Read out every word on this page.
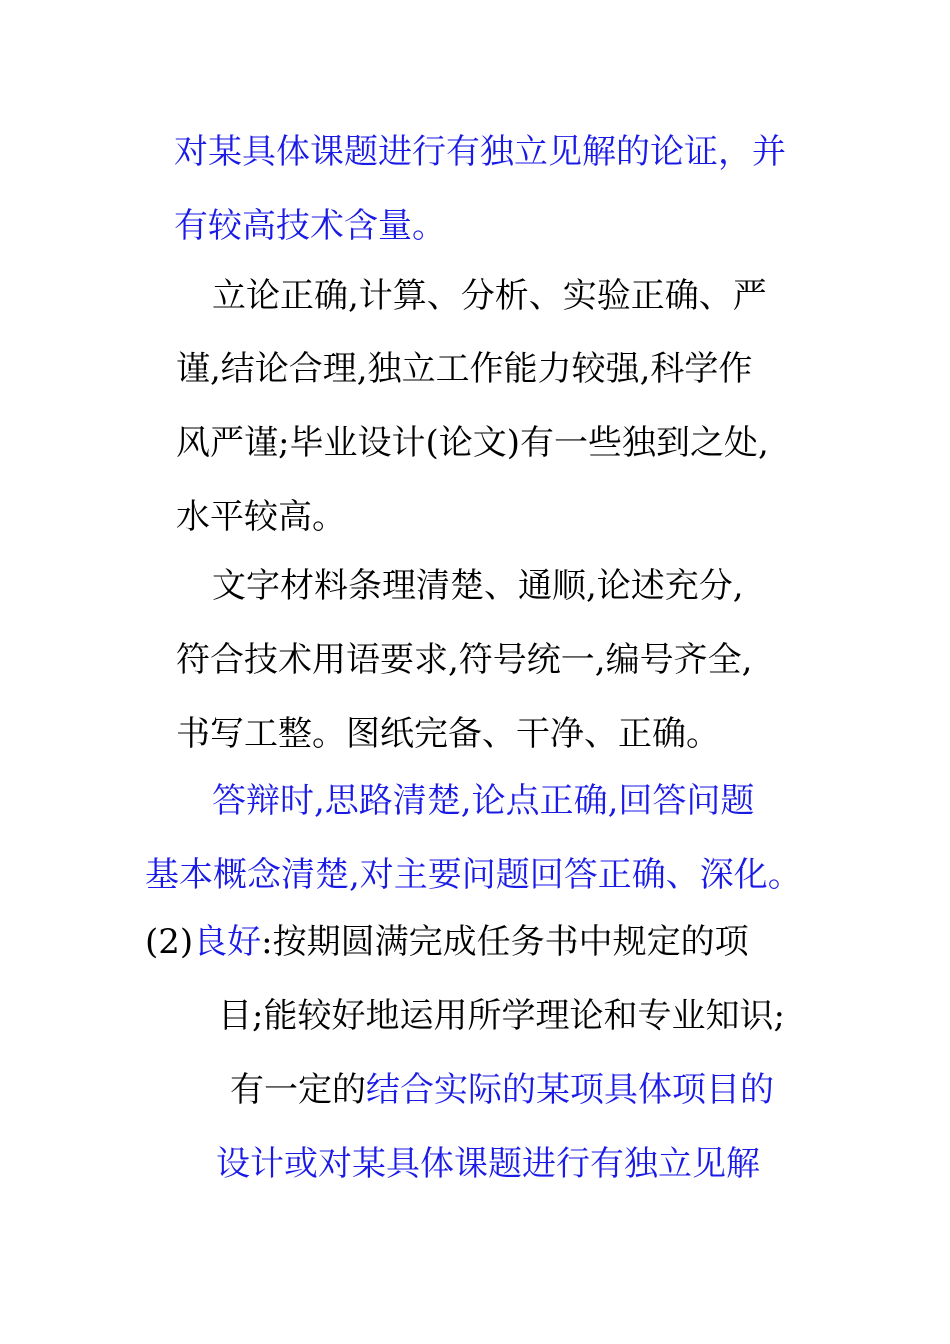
对某具体课题进行有独立见解的论证，并
有较高技术含量。
立论正确,计算、分析、实验正确、严
谨,结论合理,独立工作能力较强,科学作
风严谨;毕业设计(论文)有一些独到之处,
水平较高。
文字材料条理清楚、通顺,论述充分,
符合技术用语要求,符号统一,编号齐全,
书写工整。图纸完备、干净、正确。
答辩时,思路清楚,论点正确,回答问题
基本概念清楚,对主要问题回答正确、深化。
(2)良好:按期圆满完成任务书中规定的项
目;能较好地运用所学理论和专业知识;
有一定的结合实际的某项具体项目的
设计或对某具体课题进行有独立见解
